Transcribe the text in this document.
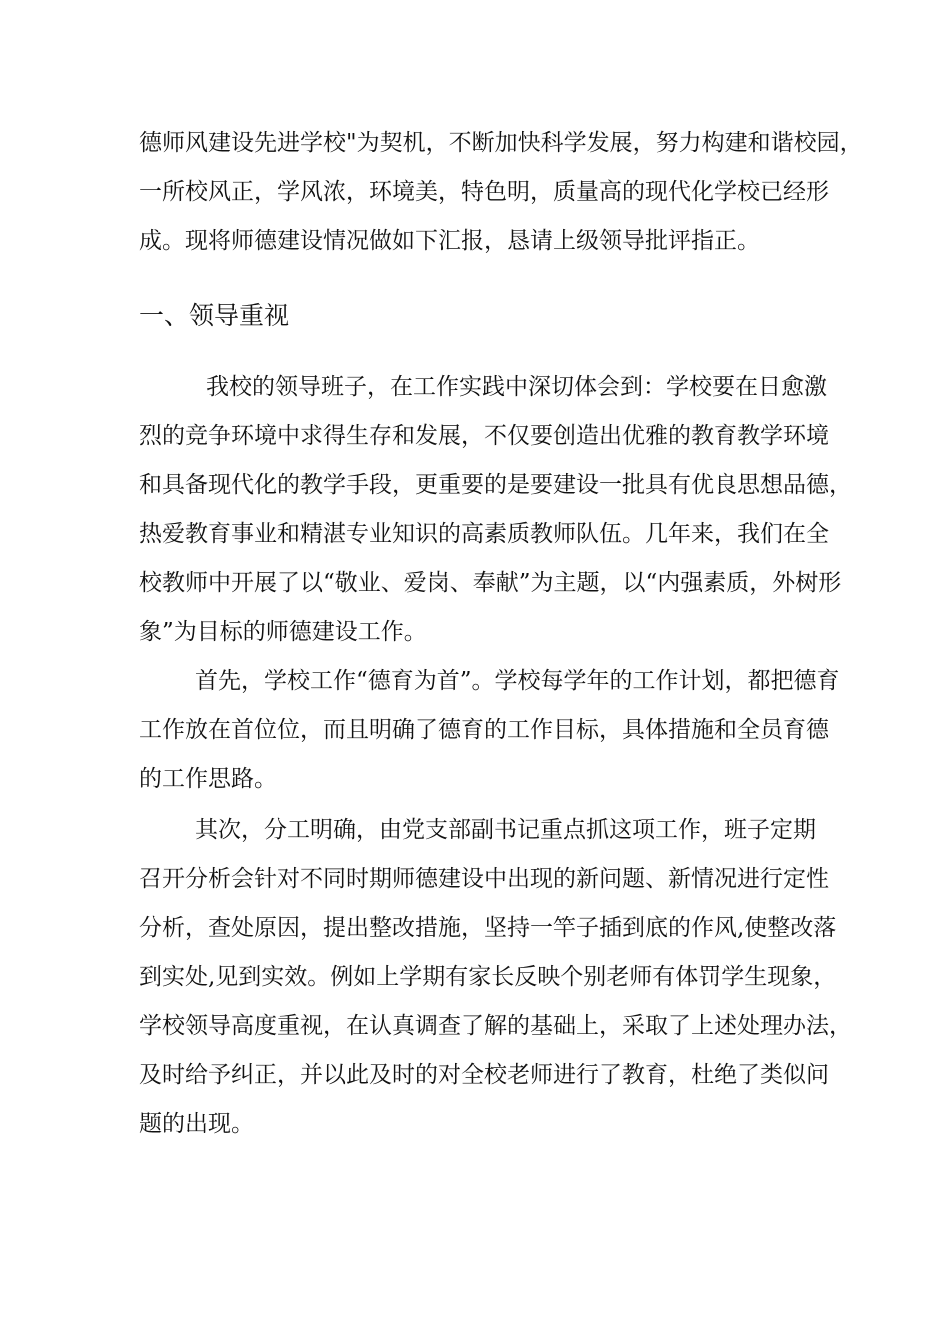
德师风建设先进学校"为契机，不断加快科学发展，努力构建和谐校园，
一所校风正，学风浓，环境美，特色明，质量高的现代化学校已经形
成。现将师德建设情况做如下汇报，恳请上级领导批评指正。
一、领导重视
我校的领导班子，在工作实践中深切体会到：学校要在日愈激
烈的竞争环境中求得生存和发展，不仅要创造出优雅的教育教学环境
和具备现代化的教学手段，更重要的是要建设一批具有优良思想品德，
热爱教育事业和精湛专业知识的高素质教师队伍。几年来，我们在全
校教师中开展了以“敬业、爱岗、奉献”为主题，以“内强素质，外树形
象”为目标的师德建设工作。
首先，学校工作“德育为首”。学校每学年的工作计划，都把德育
工作放在首位位，而且明确了德育的工作目标，具体措施和全员育德
的工作思路。
其次，分工明确，由党支部副书记重点抓这项工作，班子定期
召开分析会针对不同时期师德建设中出现的新问题、新情况进行定性
分析，查处原因，提出整改措施，坚持一竿子插到底的作风,使整改落
到实处,见到实效。例如上学期有家长反映个别老师有体罚学生现象，
学校领导高度重视，在认真调查了解的基础上，采取了上述处理办法，
及时给予纠正，并以此及时的对全校老师进行了教育，杜绝了类似问
题的出现。
